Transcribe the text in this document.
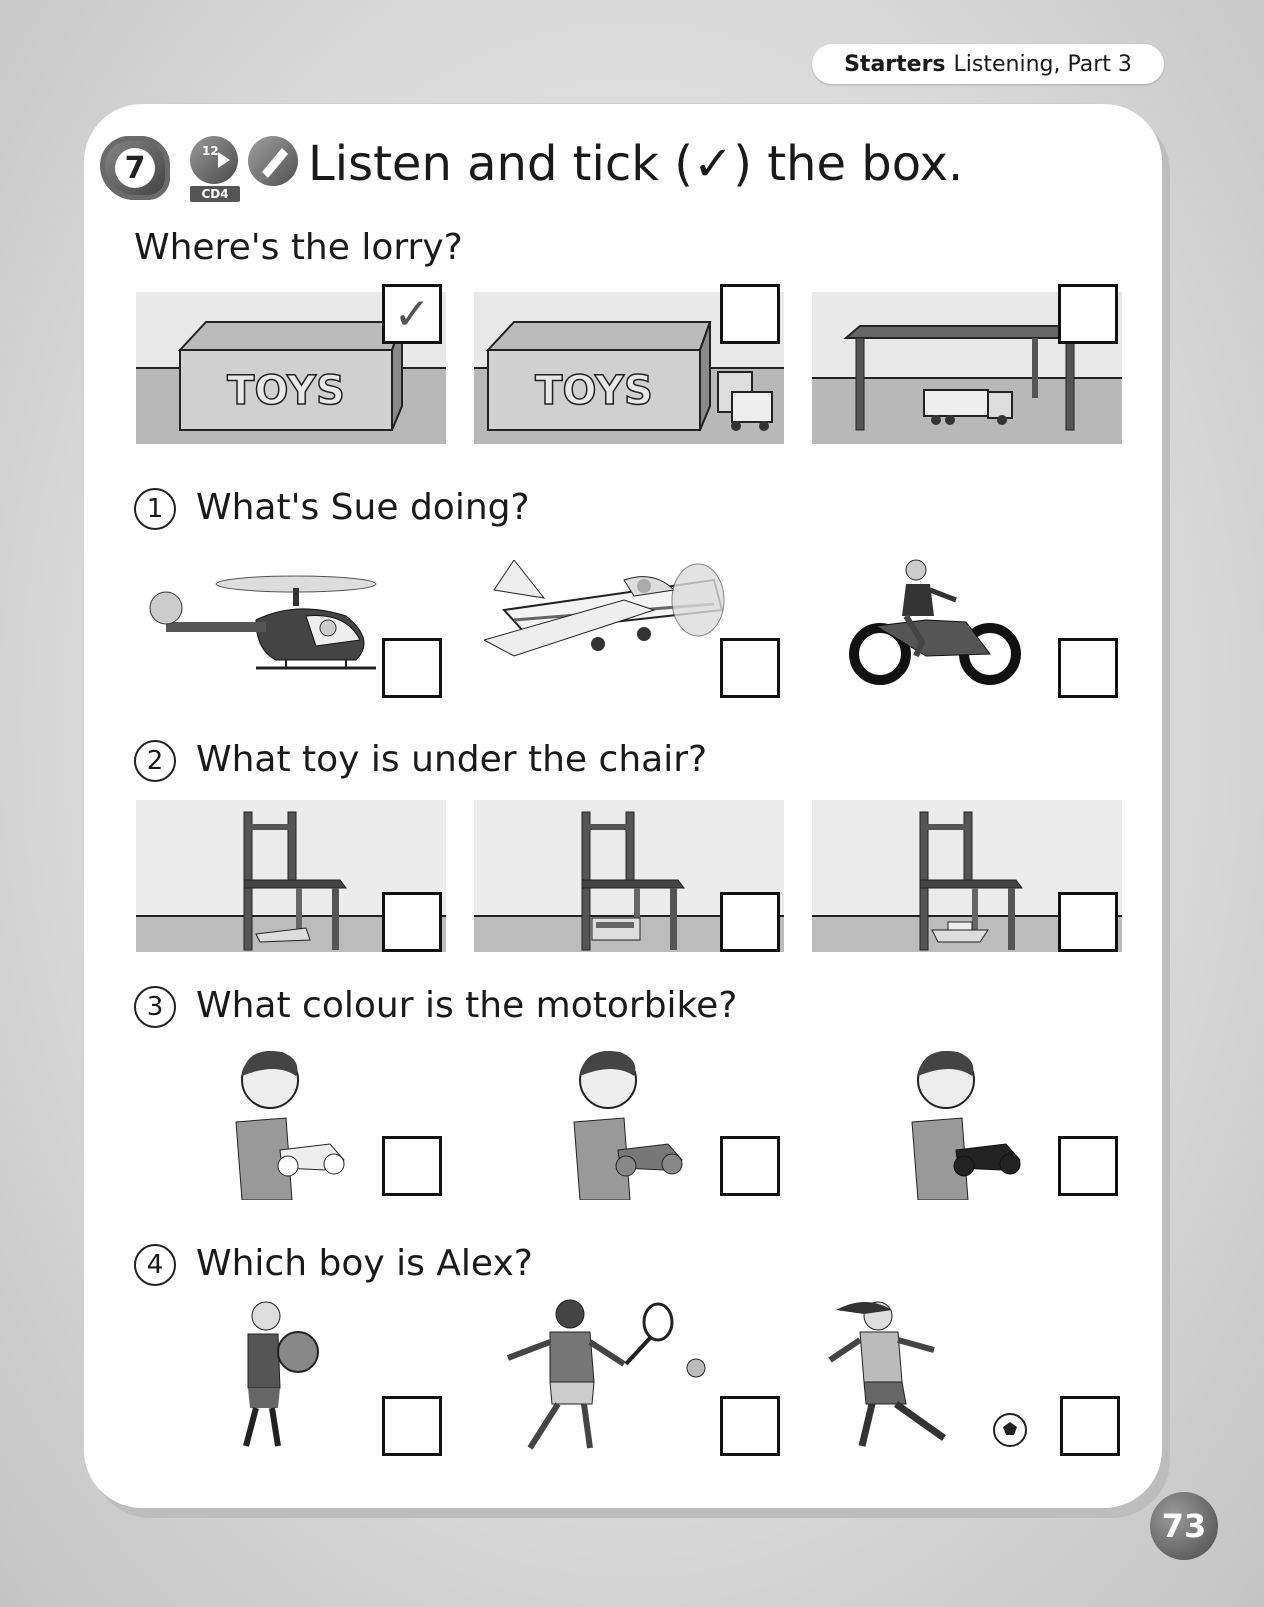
Starters Listening, Part 3
7	12
CD4
Listen and tick (✓) the box.
Where's the lorry?
TOYS
✓
TOYS
1 What's Sue doing?
2 What toy is under the chair?
3 What colour is the motorbike?
4 Which boy is Alex?
73
